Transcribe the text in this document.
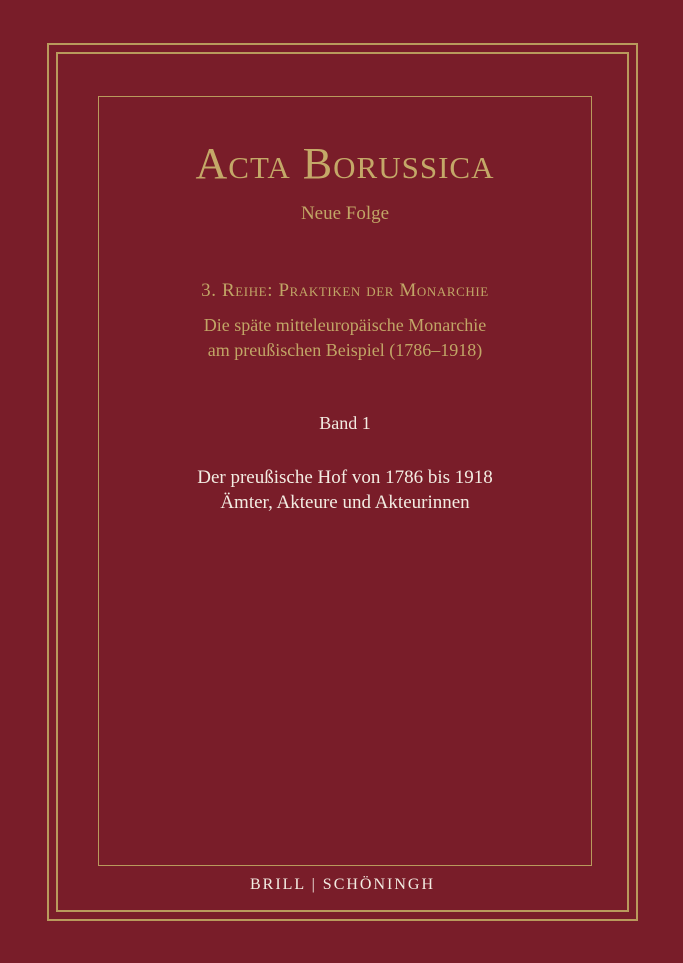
Acta Borussica
Neue Folge
3. Reihe: Praktiken der Monarchie
Die späte mitteleuropäische Monarchie
am preußischen Beispiel (1786–1918)
Band 1
Der preußische Hof von 1786 bis 1918
Ämter, Akteure und Akteurinnen
BRILL | SCHÖNINGH
